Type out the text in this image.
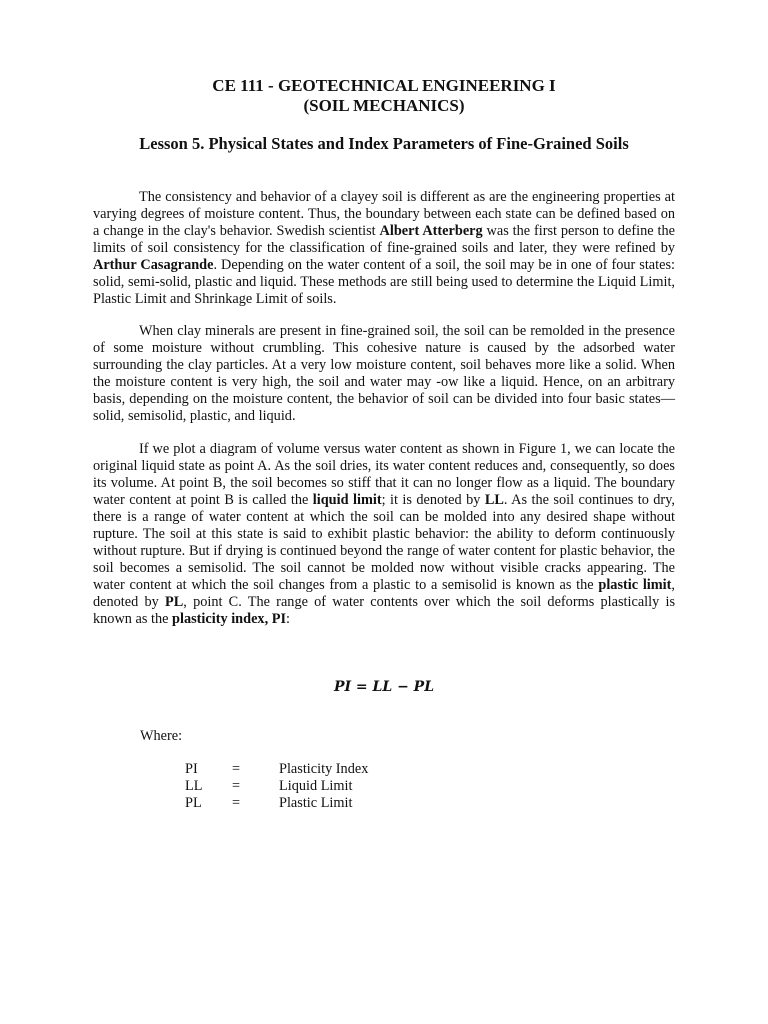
CE 111 - GEOTECHNICAL ENGINEERING I
(SOIL MECHANICS)
Lesson 5. Physical States and Index Parameters of Fine-Grained Soils

The consistency and behavior of a clayey soil is different as are the engineering properties at varying degrees of moisture content. Thus, the boundary between each state can be defined based on a change in the clay's behavior. Swedish scientist Albert Atterberg was the first person to define the limits of soil consistency for the classification of fine-grained soils and later, they were refined by Arthur Casagrande. Depending on the water content of a soil, the soil may be in one of four states: solid, semi-solid, plastic and liquid. These methods are still being used to determine the Liquid Limit, Plastic Limit and Shrinkage Limit of soils.

When clay minerals are present in fine-grained soil, the soil can be remolded in the presence of some moisture without crumbling. This cohesive nature is caused by the adsorbed water surrounding the clay particles. At a very low moisture content, soil behaves more like a solid. When the moisture content is very high, the soil and water may -ow like a liquid. Hence, on an arbitrary basis, depending on the moisture content, the behavior of soil can be divided into four basic states—solid, semisolid, plastic, and liquid.

If we plot a diagram of volume versus water content as shown in Figure 1, we can locate the original liquid state as point A. As the soil dries, its water content reduces and, consequently, so does its volume. At point B, the soil becomes so stiff that it can no longer flow as a liquid. The boundary water content at point B is called the liquid limit; it is denoted by LL. As the soil continues to dry, there is a range of water content at which the soil can be molded into any desired shape without rupture. The soil at this state is said to exhibit plastic behavior: the ability to deform continuously without rupture. But if drying is continued beyond the range of water content for plastic behavior, the soil becomes a semisolid. The soil cannot be molded now without visible cracks appearing. The water content at which the soil changes from a plastic to a semisolid is known as the plastic limit, denoted by PL, point C. The range of water contents over which the soil deforms plastically is known as the plasticity index, PI:

PI = LL − PL

Where:

PI	=	Plasticity Index
LL	=	Liquid Limit
PL	=	Plastic Limit
